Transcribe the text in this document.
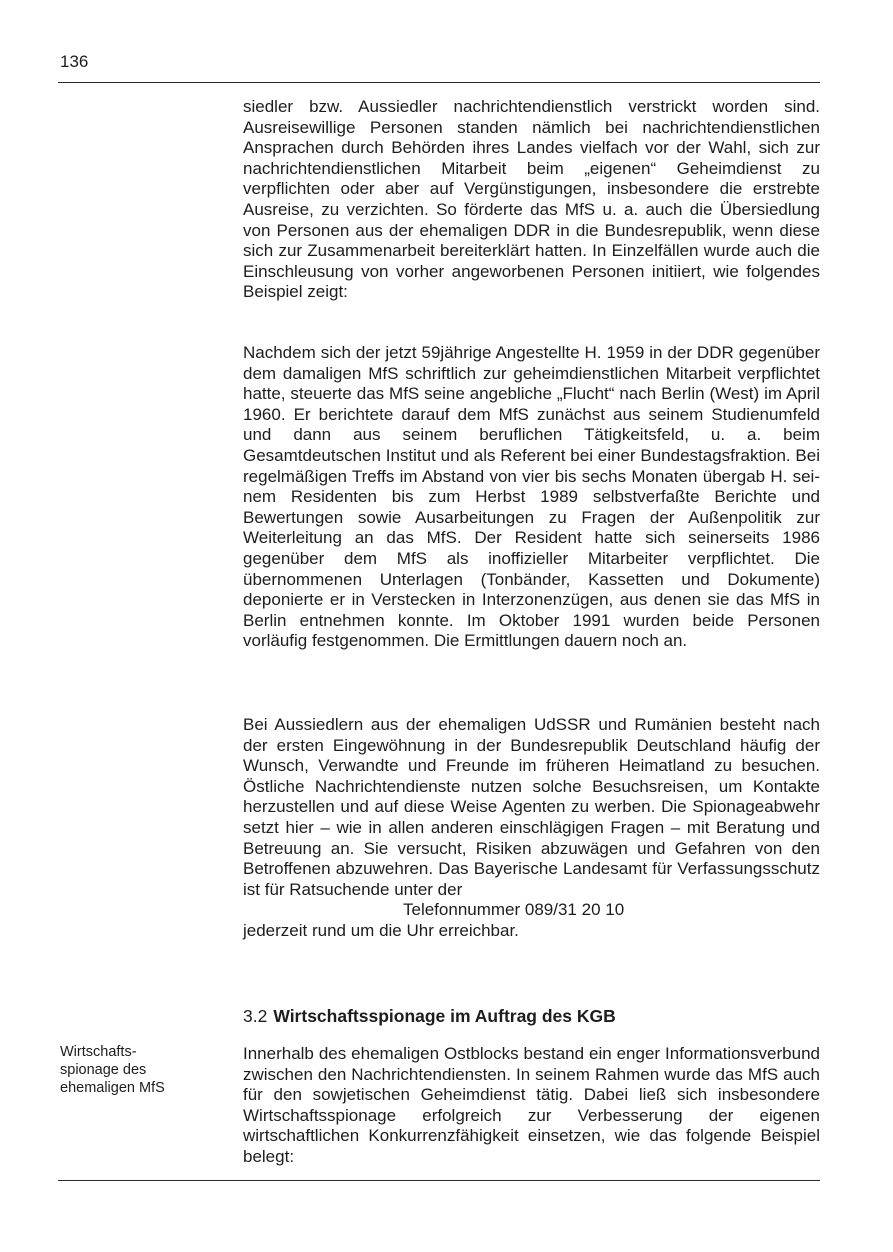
136

siedler bzw. Aussiedler nachrichtendienstlich verstrickt worden sind. Ausreisewillige Personen standen nämlich bei nachrichtendienstlichen Ansprachen durch Behörden ihres Landes vielfach vor der Wahl, sich zur nachrichtendienstlichen Mitarbeit beim „eigenen“ Geheimdienst zu verpflichten oder aber auf Vergünstigungen, insbesondere die erstrebte Ausreise, zu verzichten. So förderte das MfS u. a. auch die Übersiedlung von Personen aus der ehemaligen DDR in die Bundesrepublik, wenn diese sich zur Zusammenarbeit bereiterklärt hatten. In Einzelfällen wurde auch die Einschleusung von vorher angeworbenen Personen initiiert, wie folgendes Beispiel zeigt:

Nachdem sich der jetzt 59jährige Angestellte H. 1959 in der DDR gegenüber dem damaligen MfS schriftlich zur geheimdienstlichen Mitarbeit verpflichtet hatte, steuerte das MfS seine angebliche „Flucht“ nach Berlin (West) im April 1960. Er berichtete darauf dem MfS zunächst aus seinem Studienumfeld und dann aus seinem beruflichen Tätigkeitsfeld, u. a. beim Gesamtdeutschen Institut und als Referent bei einer Bundestagsfraktion. Bei regelmäßigen Treffs im Abstand von vier bis sechs Monaten übergab H. seinem Residenten bis zum Herbst 1989 selbstverfaßte Berichte und Bewertungen sowie Ausarbeitungen zu Fragen der Außenpolitik zur Weiterleitung an das MfS. Der Resident hatte sich seinerseits 1986 gegenüber dem MfS als inoffizieller Mitarbeiter verpflichtet. Die übernommenen Unterlagen (Tonbänder, Kassetten und Dokumente) deponierte er in Verstecken in Interzonenzügen, aus denen sie das MfS in Berlin entnehmen konnte. Im Oktober 1991 wurden beide Personen vorläufig festgenommen. Die Ermittlungen dauern noch an.

Bei Aussiedlern aus der ehemaligen UdSSR und Rumänien besteht nach der ersten Eingewöhnung in der Bundesrepublik Deutschland häufig der Wunsch, Verwandte und Freunde im früheren Heimatland zu besuchen. Östliche Nachrichtendienste nutzen solche Besuchsreisen, um Kontakte herzustellen und auf diese Weise Agenten zu werben. Die Spionageabwehr setzt hier – wie in allen anderen einschlägigen Fragen – mit Beratung und Betreuung an. Sie versucht, Risiken abzuwägen und Gefahren von den Betroffenen abzuwehren. Das Bayerische Landesamt für Verfassungsschutz ist für Ratsuchende unter der

Telefonnummer 089/31 20 10

jederzeit rund um die Uhr erreichbar.

3.2 Wirtschaftsspionage im Auftrag des KGB
Wirtschafts-
spionage des
ehemaligen MfS

Innerhalb des ehemaligen Ostblocks bestand ein enger Informationsverbund zwischen den Nachrichtendiensten. In seinem Rahmen wurde das MfS auch für den sowjetischen Geheimdienst tätig. Dabei ließ sich insbesondere Wirtschaftsspionage erfolgreich zur Verbesserung der eigenen wirtschaftlichen Konkurrenzfähigkeit einsetzen, wie das folgende Beispiel belegt:
